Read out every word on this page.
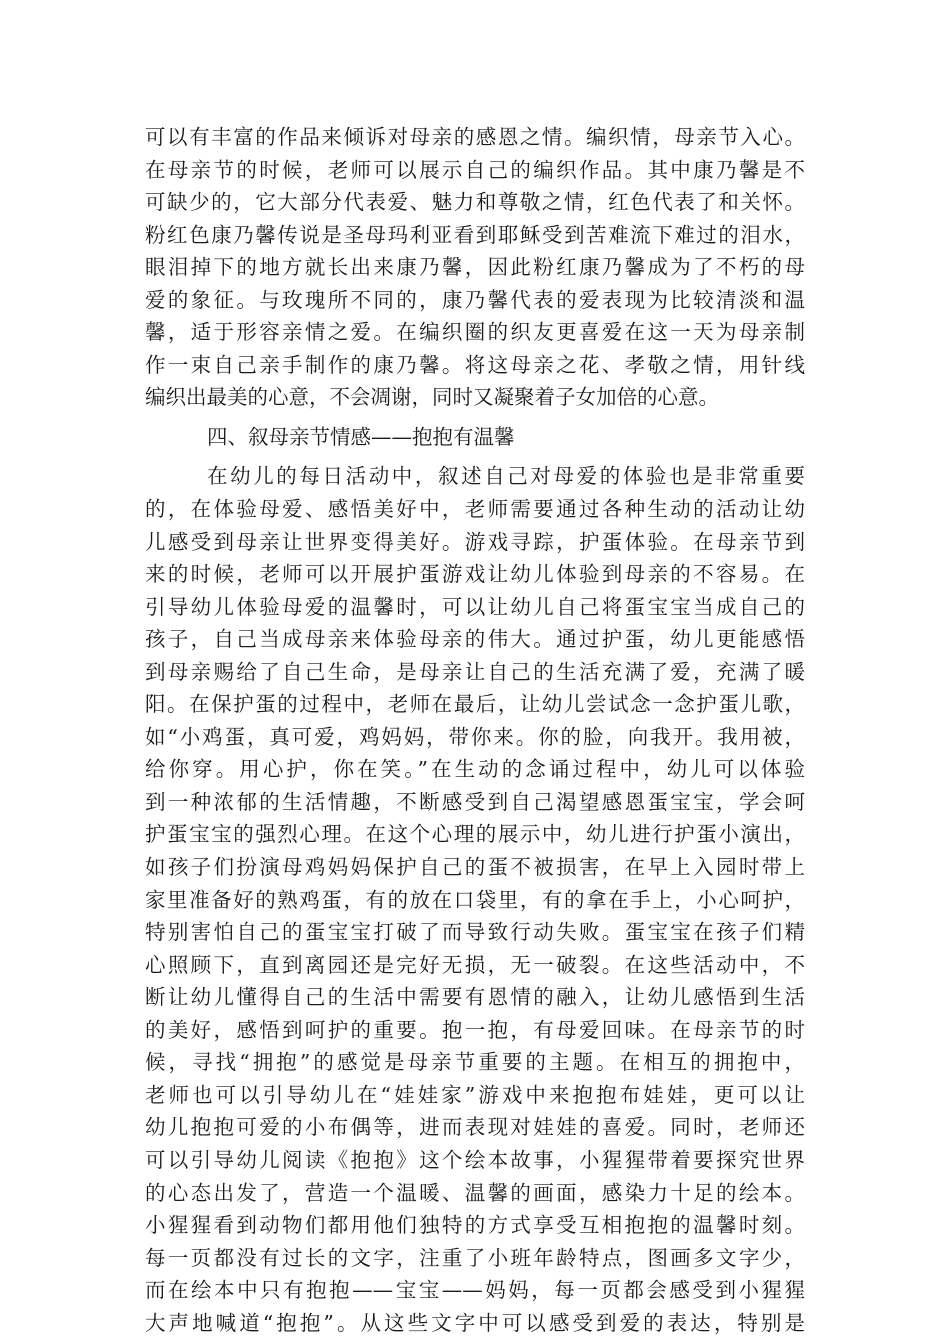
可以有丰富的作品来倾诉对母亲的感恩之情。编织情，母亲节入心。
在母亲节的时候，老师可以展示自己的编织作品。其中康乃馨是不
可缺少的，它大部分代表爱、魅力和尊敬之情，红色代表了和关怀。
粉红色康乃馨传说是圣母玛利亚看到耶稣受到苦难流下难过的泪水，
眼泪掉下的地方就长出来康乃馨，因此粉红康乃馨成为了不朽的母
爱的象征。与玫瑰所不同的，康乃馨代表的爱表现为比较清淡和温
馨，适于形容亲情之爱。在编织圈的织友更喜爱在这一天为母亲制
作一束自己亲手制作的康乃馨。将这母亲之花、孝敬之情，用针线
编织出最美的心意，不会凋谢，同时又凝聚着子女加倍的心意。
四、叙母亲节情感——抱抱有温馨
在幼儿的每日活动中，叙述自己对母爱的体验也是非常重要
的，在体验母爱、感悟美好中，老师需要通过各种生动的活动让幼
儿感受到母亲让世界变得美好。游戏寻踪，护蛋体验。在母亲节到
来的时候，老师可以开展护蛋游戏让幼儿体验到母亲的不容易。在
引导幼儿体验母爱的温馨时，可以让幼儿自己将蛋宝宝当成自己的
孩子，自己当成母亲来体验母亲的伟大。通过护蛋，幼儿更能感悟
到母亲赐给了自己生命，是母亲让自己的生活充满了爱，充满了暖
阳。在保护蛋的过程中，老师在最后，让幼儿尝试念一念护蛋儿歌，
如“小鸡蛋，真可爱，鸡妈妈，带你来。你的脸，向我开。我用被，
给你穿。用心护，你在笑。”在生动的念诵过程中，幼儿可以体验
到一种浓郁的生活情趣，不断感受到自己渴望感恩蛋宝宝，学会呵
护蛋宝宝的强烈心理。在这个心理的展示中，幼儿进行护蛋小演出，
如孩子们扮演母鸡妈妈保护自己的蛋不被损害，在早上入园时带上
家里准备好的熟鸡蛋，有的放在口袋里，有的拿在手上，小心呵护，
特别害怕自己的蛋宝宝打破了而导致行动失败。蛋宝宝在孩子们精
心照顾下，直到离园还是完好无损，无一破裂。在这些活动中，不
断让幼儿懂得自己的生活中需要有恩情的融入，让幼儿感悟到生活
的美好，感悟到呵护的重要。抱一抱，有母爱回味。在母亲节的时
候，寻找“拥抱”的感觉是母亲节重要的主题。在相互的拥抱中，
老师也可以引导幼儿在“娃娃家”游戏中来抱抱布娃娃，更可以让
幼儿抱抱可爱的小布偶等，进而表现对娃娃的喜爱。同时，老师还
可以引导幼儿阅读《抱抱》这个绘本故事，小猩猩带着要探究世界
的心态出发了，营造一个温暖、温馨的画面，感染力十足的绘本。
小猩猩看到动物们都用他们独特的方式享受互相抱抱的温馨时刻。
每一页都没有过长的文字，注重了小班年龄特点，图画多文字少，
而在绘本中只有抱抱——宝宝——妈妈，每一页都会感受到小猩猩
大声地喊道“抱抱”。从这些文字中可以感受到爱的表达，特别是
